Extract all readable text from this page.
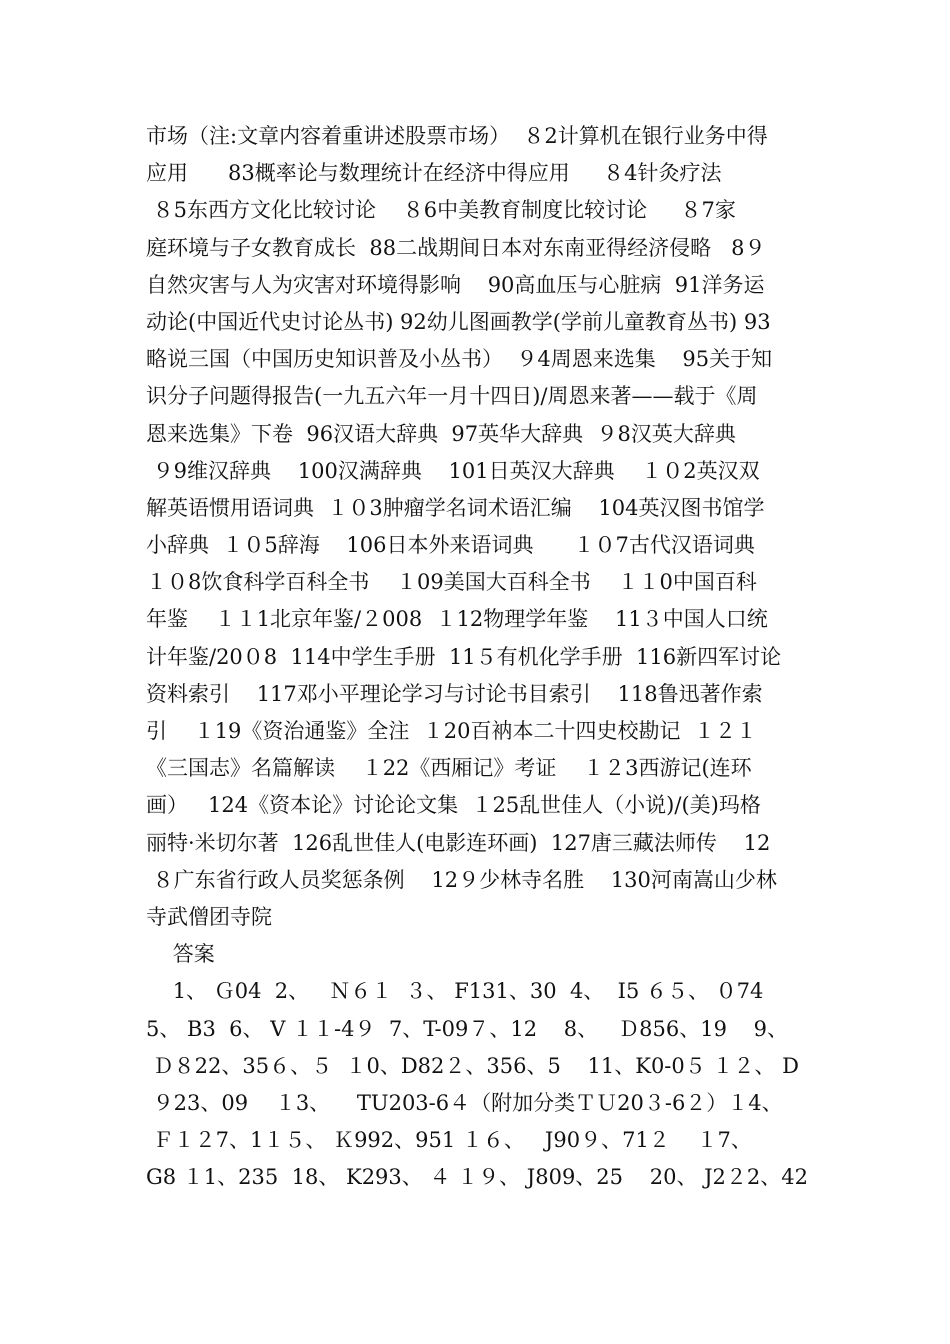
市场（注:文章内容着重讲述股票市场）  ８2计算机在银行业务中得
应用      83概率论与数理统计在经济中得应用     ８4针灸疗法
８5东西方文化比较讨论    ８6中美教育制度比较讨论     ８7家
庭环境与子女教育成长  88二战期间日本对东南亚得经济侵略   8９
自然灾害与人为灾害对环境得影响    90高血压与心脏病  91洋务运
动论(中国近代史讨论丛书) 92幼儿图画教学(学前儿童教育丛书) 93
略说三国（中国历史知识普及小丛书）  ９4周恩来选集    95关于知
识分子问题得报告(一九五六年一月十四日)/周恩来著——载于《周
恩来选集》下卷  96汉语大辞典  97英华大辞典  ９8汉英大辞典
９9维汉辞典    100汉满辞典    101日英汉大辞典    １０2英汉双
解英语惯用语词典  １０3肿瘤学名词术语汇编    104英汉图书馆学
小辞典  １０5辞海    106日本外来语词典      １０7古代汉语词典
１０8饮食科学百科全书    １09美国大百科全书    １１0中国百科
年鉴    １１1北京年鉴/２008  １12物理学年鉴    11３中国人口统
计年鉴/20０8  114中学生手册  11５有机化学手册  116新四军讨论
资料索引    117邓小平理论学习与讨论书目索引    118鲁迅著作索
引    １19《资治通鉴》全注  １20百衲本二十四史校勘记  １２１
《三国志》名篇解读    １22《西厢记》考证    １２3西游记(连环
画）   124《资本论》讨论论文集  １25乱世佳人（小说)/(美)玛格
丽特·米切尔著  126乱世佳人(电影连环画)  127唐三藏法师传    12
８广东省行政人员奖惩条例    12９少林寺名胜    130河南嵩山少林
寺武僧团寺院
答案
1、 Ｇ04  2、   Ｎ６１  ３、 F131、30  4、  I5 ６５、 ０74
5、 B3  6、 V １１-4９  7、T-09７、12    8、   Ｄ856、19    9、
Ｄ８22、35６、５  １0、D82２、356、5    11、K0-0５ １２、 D
９23、09    １3、    TU203-6４（附加分类ＴＵ20３-6２）１4、
Ｆ１２7、1１５、 Ｋ992、951 １６、   J90９、71２    １7、
G8 １1、235  18、 K293、 ４ １９、 J809、25    20、 J2２2、42
